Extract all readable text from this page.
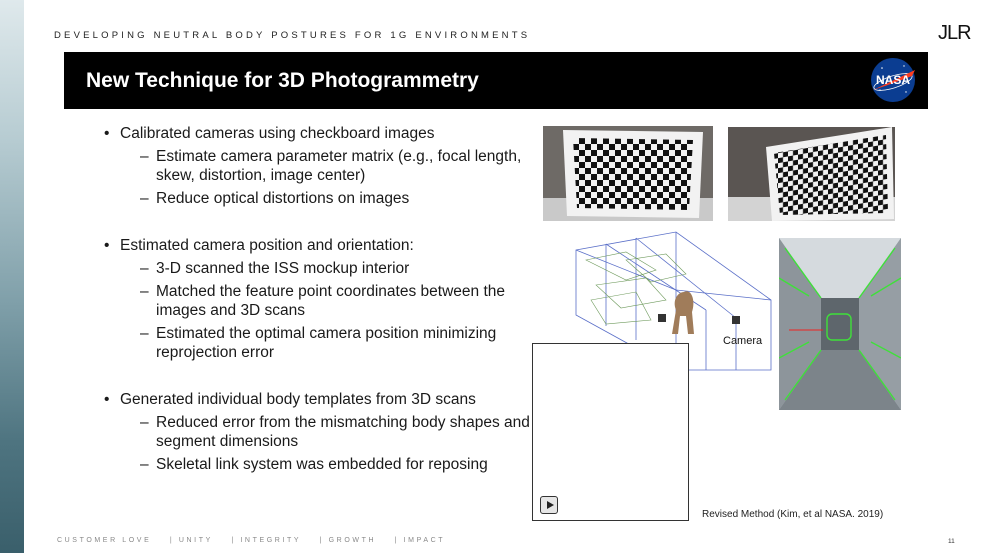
DEVELOPING NEUTRAL BODY POSTURES FOR 1G ENVIRONMENTS	JLR
New Technique for 3D Photogrammetry	NASA
• Calibrated cameras using checkboard images
– Estimate camera parameter matrix (e.g., focal length, skew, distortion, image center)
– Reduce optical distortions on images
• Estimated camera position and orientation:
– 3-D scanned the ISS mockup interior
– Matched the feature point coordinates between the images and 3D scans
– Estimated the optimal camera position minimizing reprojection error
• Generated individual body templates from 3D scans
– Reduced error from the mismatching body shapes and segment dimensions
– Skeletal link system was embedded for reposing
Camera
Revised Method (Kim, et al NASA. 2019)
CUSTOMER LOVE	| UNITY	| INTEGRITY	| GROWTH	| IMPACT	11
